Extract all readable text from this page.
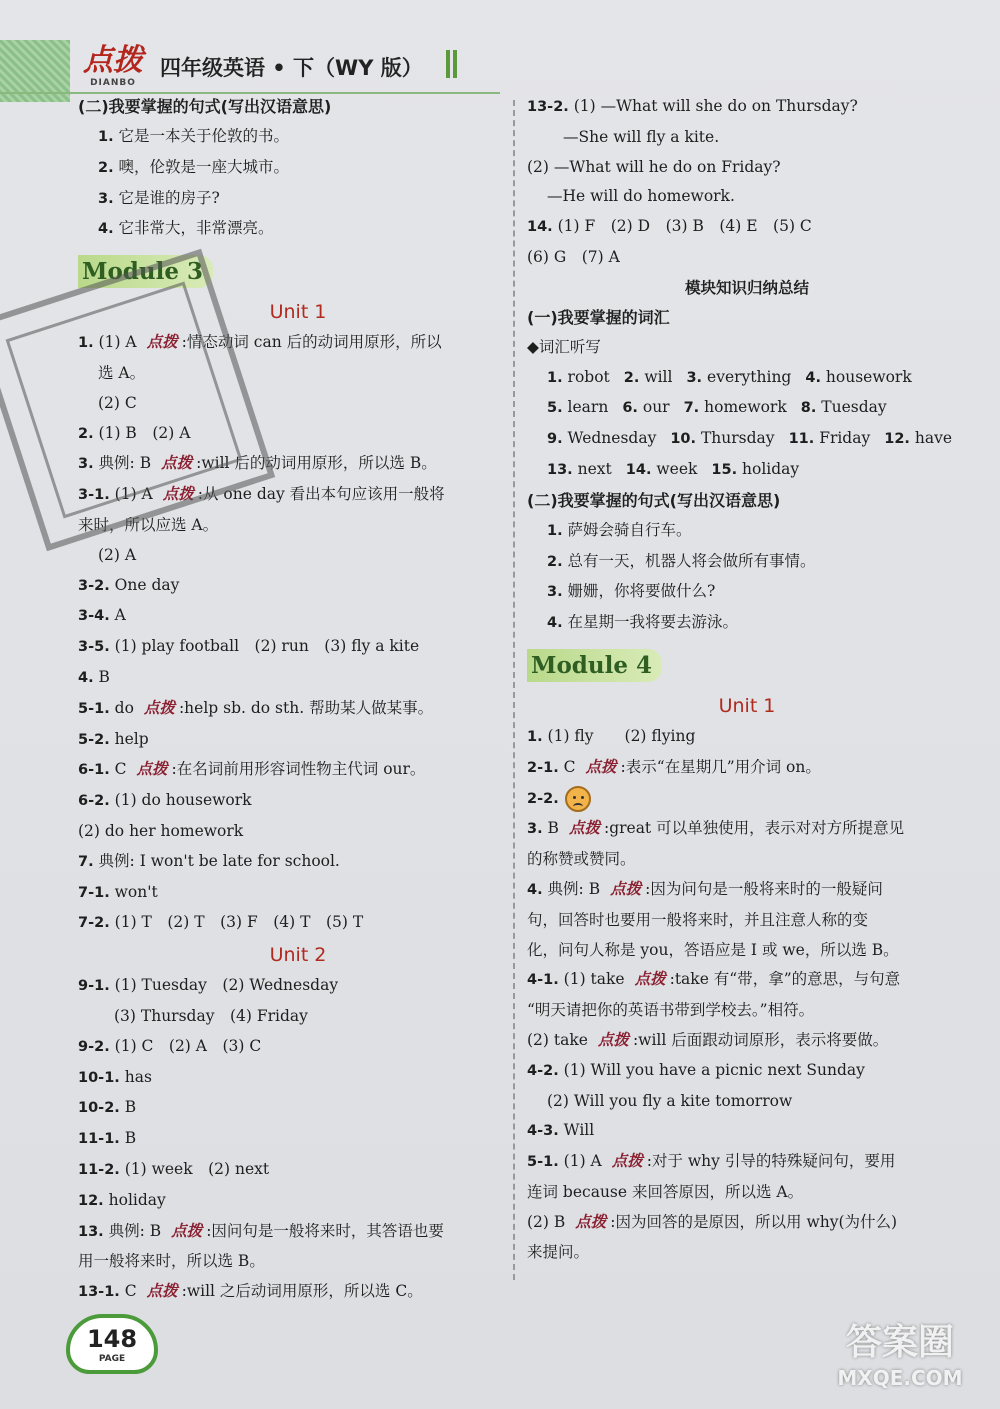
点拨
DIANBO
四年级英语 • 下（WY 版）
(二)我要掌握的句式(写出汉语意思)
1. 它是一本关于伦敦的书。
2. 噢，伦敦是一座大城市。
3. 它是谁的房子?
4. 它非常大，非常漂亮。
Module 3
Unit 1
1. (1) A 点拨 :情态动词 can 后的动词用原形，所以
选 A。
(2) C
2. (1) B　(2) A
3. 典例: B 点拨 :will 后的动词用原形，所以选 B。
3-1. (1) A 点拨 :从 one day 看出本句应该用一般将
来时，所以应选 A。
(2) A
3-2. One day
3-4. A
3-5. (1) play football　(2) run　(3) fly a kite
4. B
5-1. do 点拨 :help sb. do sth. 帮助某人做某事。
5-2. help
6-1. C 点拨 :在名词前用形容词性物主代词 our。
6-2. (1) do housework
(2) do her homework
7. 典例: I won't be late for school.
7-1. won't
7-2. (1) T　(2) T　(3) F　(4) T　(5) T
Unit 2
9-1. (1) Tuesday　(2) Wednesday
(3) Thursday　(4) Friday
9-2. (1) C　(2) A　(3) C
10-1. has
10-2. B
11-1. B
11-2. (1) week　(2) next
12. holiday
13. 典例: B 点拨 :因问句是一般将来时，其答语也要
用一般将来时，所以选 B。
13-1. C 点拨 :will 之后动词用原形，所以选 C。
13-2. (1) —What will she do on Thursday?
—She will fly a kite.
(2) —What will he do on Friday?
—He will do homework.
14. (1) F　(2) D　(3) B　(4) E　(5) C
(6) G　(7) A
模块知识归纳总结
(一)我要掌握的词汇
◆词汇听写
1. robot 2. will 3. everything 4. housework
5. learn 6. our 7. homework 8. Tuesday
9. Wednesday 10. Thursday 11. Friday 12. have
13. next 14. week 15. holiday
(二)我要掌握的句式(写出汉语意思)
1. 萨姆会骑自行车。
2. 总有一天，机器人将会做所有事情。
3. 姗姗，你将要做什么?
4. 在星期一我将要去游泳。
Module 4
Unit 1
1. (1) fly　　(2) flying
2-1. C 点拨 :表示“在星期几”用介词 on。
2-2.
3. B 点拨 :great 可以单独使用，表示对对方所提意见
的称赞或赞同。
4. 典例: B 点拨 :因为问句是一般将来时的一般疑问
句，回答时也要用一般将来时，并且注意人称的变
化，问句人称是 you，答语应是 I 或 we，所以选 B。
4-1. (1) take 点拨 :take 有“带，拿”的意思，与句意
“明天请把你的英语书带到学校去。”相符。
(2) take 点拨 :will 后面跟动词原形，表示将要做。
4-2. (1) Will you have a picnic next Sunday
(2) Will you fly a kite tomorrow
4-3. Will
5-1. (1) A 点拨 :对于 why 引导的特殊疑问句，要用
连词 because 来回答原因，所以选 A。
(2) B 点拨 :因为回答的是原因，所以用 why(为什么)
来提问。
148
PAGE	答案圈
MXQE.COM
